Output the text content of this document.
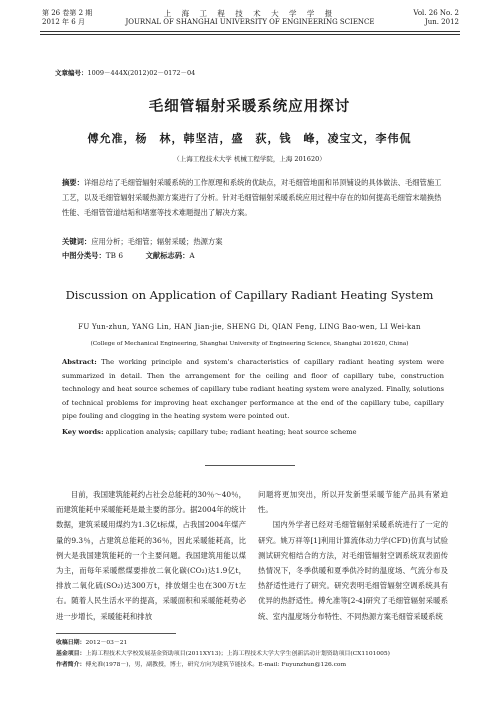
第 26 卷第 2 期
2012 年 6 月
上 海 工 程 技 术 大 学 学 报
JOURNAL OF SHANGHAI UNIVERSITY OF ENGINEERING SCIENCE
Vol. 26 No. 2
Jun. 2012
文章编号：1009－444X(2012)02－0172－04
毛细管辐射采暖系统应用探讨
傅允准，杨　林，韩坚洁，盛　荻，钱　峰，凌宝文，李伟侃
（上海工程技术大学 机械工程学院，上海 201620）
摘要：详细总结了毛细管辐射采暖系统的工作原理和系统的优缺点，对毛细管地面和吊顶铺设的具体做法、毛细管施工工艺，以及毛细管辐射采暖热源方案进行了分析。针对毛细管辐射采暖系统应用过程中存在的如何提高毛细管末端换热性能、毛细管管道结垢和堵塞等技术难题提出了解决方案。
关键词：应用分析；毛细管；辐射采暖；热源方案
中图分类号：TB 6	文献标志码：A
Discussion on Application of Capillary Radiant Heating System
FU Yun-zhun, YANG Lin, HAN Jian-jie, SHENG Di, QIAN Feng, LING Bao-wen, LI Wei-kan
(College of Mechanical Engineering, Shanghai University of Engineering Science, Shanghai 201620, China)
Abstract: The working principle and system's characteristics of capillary radiant heating system were summarized in detail. Then the arrangement for the ceiling and floor of capillary tube, construction technology and heat source schemes of capillary tube radiant heating system were analyzed. Finally, solutions of technical problems for improving heat exchanger performance at the end of the capillary tube, capillary pipe fouling and clogging in the heating system were pointed out.
Key words: application analysis; capillary tube; radiant heating; heat source scheme

目前，我国建筑能耗约占社会总能耗的30％～40％，而建筑能耗中采暖能耗是最主要的部分。据2004年的统计数据，建筑采暖用煤约为1.3亿t标煤，占我国2004年煤产量的9.3％，占建筑总能耗的36％，因此采暖能耗高，比例大是我国建筑能耗的一个主要问题。我国建筑用能以煤为主，而每年采暖燃煤要排放二氧化碳(CO₂)达1.9亿t，排放二氧化硫(SO₂)达300万t，排放烟尘也在300万t左右。随着人民生活水平的提高，采暖面积和采暖能耗势必进一步增长，采暖能耗和排放

问题将更加突出，所以开发新型采暖节能产品具有紧迫性。

国内外学者已经对毛细管辐射采暖系统进行了一定的研究。姚万祥等[1]利用计算流体动力学(CFD)仿真与试验测试研究相结合的方法，对毛细管辐射空调系统双表面传热情况下，冬季供暖和夏季供冷时的温度场、气流分布及热舒适性进行了研究。研究表明毛细管辐射空调系统具有优异的热舒适性。傅允准等[2-4]研究了毛细管辐射采暖系统、室内温度场分布特性、不同热源方案毛细管采暖系统

收稿日期：2012－03－21
基金项目：上海工程技术大学校发展基金资助项目(2011XY13)；上海工程技术大学大学生创新活动计划资助项目(CX1101005)
作者简介：傅允准(1978－)，男，副教授，博士，研究方向为建筑节能技术。E-mail: Fuyunzhun@126.com
